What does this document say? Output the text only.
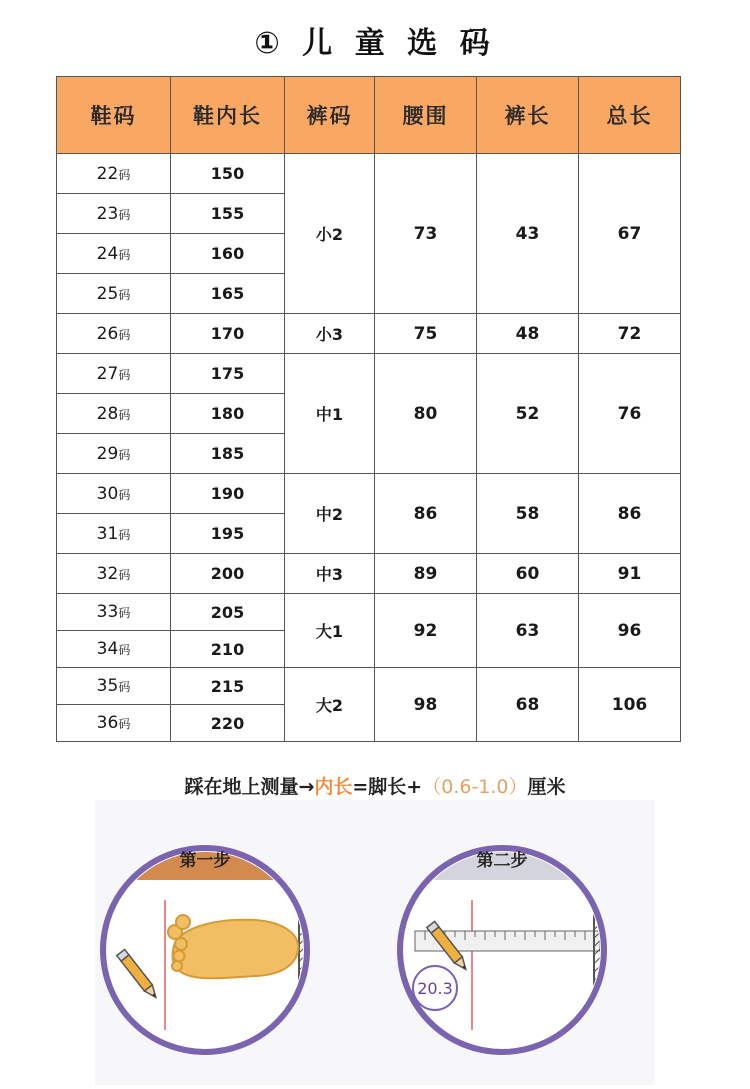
① 儿 童 选 码
鞋码	鞋内长	裤码	腰围	裤长	总长
22码	150	小2	73	43	67
23码	155				
24码	160				
25码	165				
26码	170	小3	75	48	72
27码	175	中1	80	52	76
28码	180				
29码	185				
30码	190	中2	86	58	86
31码	195				
32码	200	中3	89	60	91
33码	205	大1	92	63	96
34码	210				
35码	215	大2	98	68	106
36码	220				
踩在地上测量→内长=脚长+（0.6-1.0）厘米
第一步
20.3
第二步
